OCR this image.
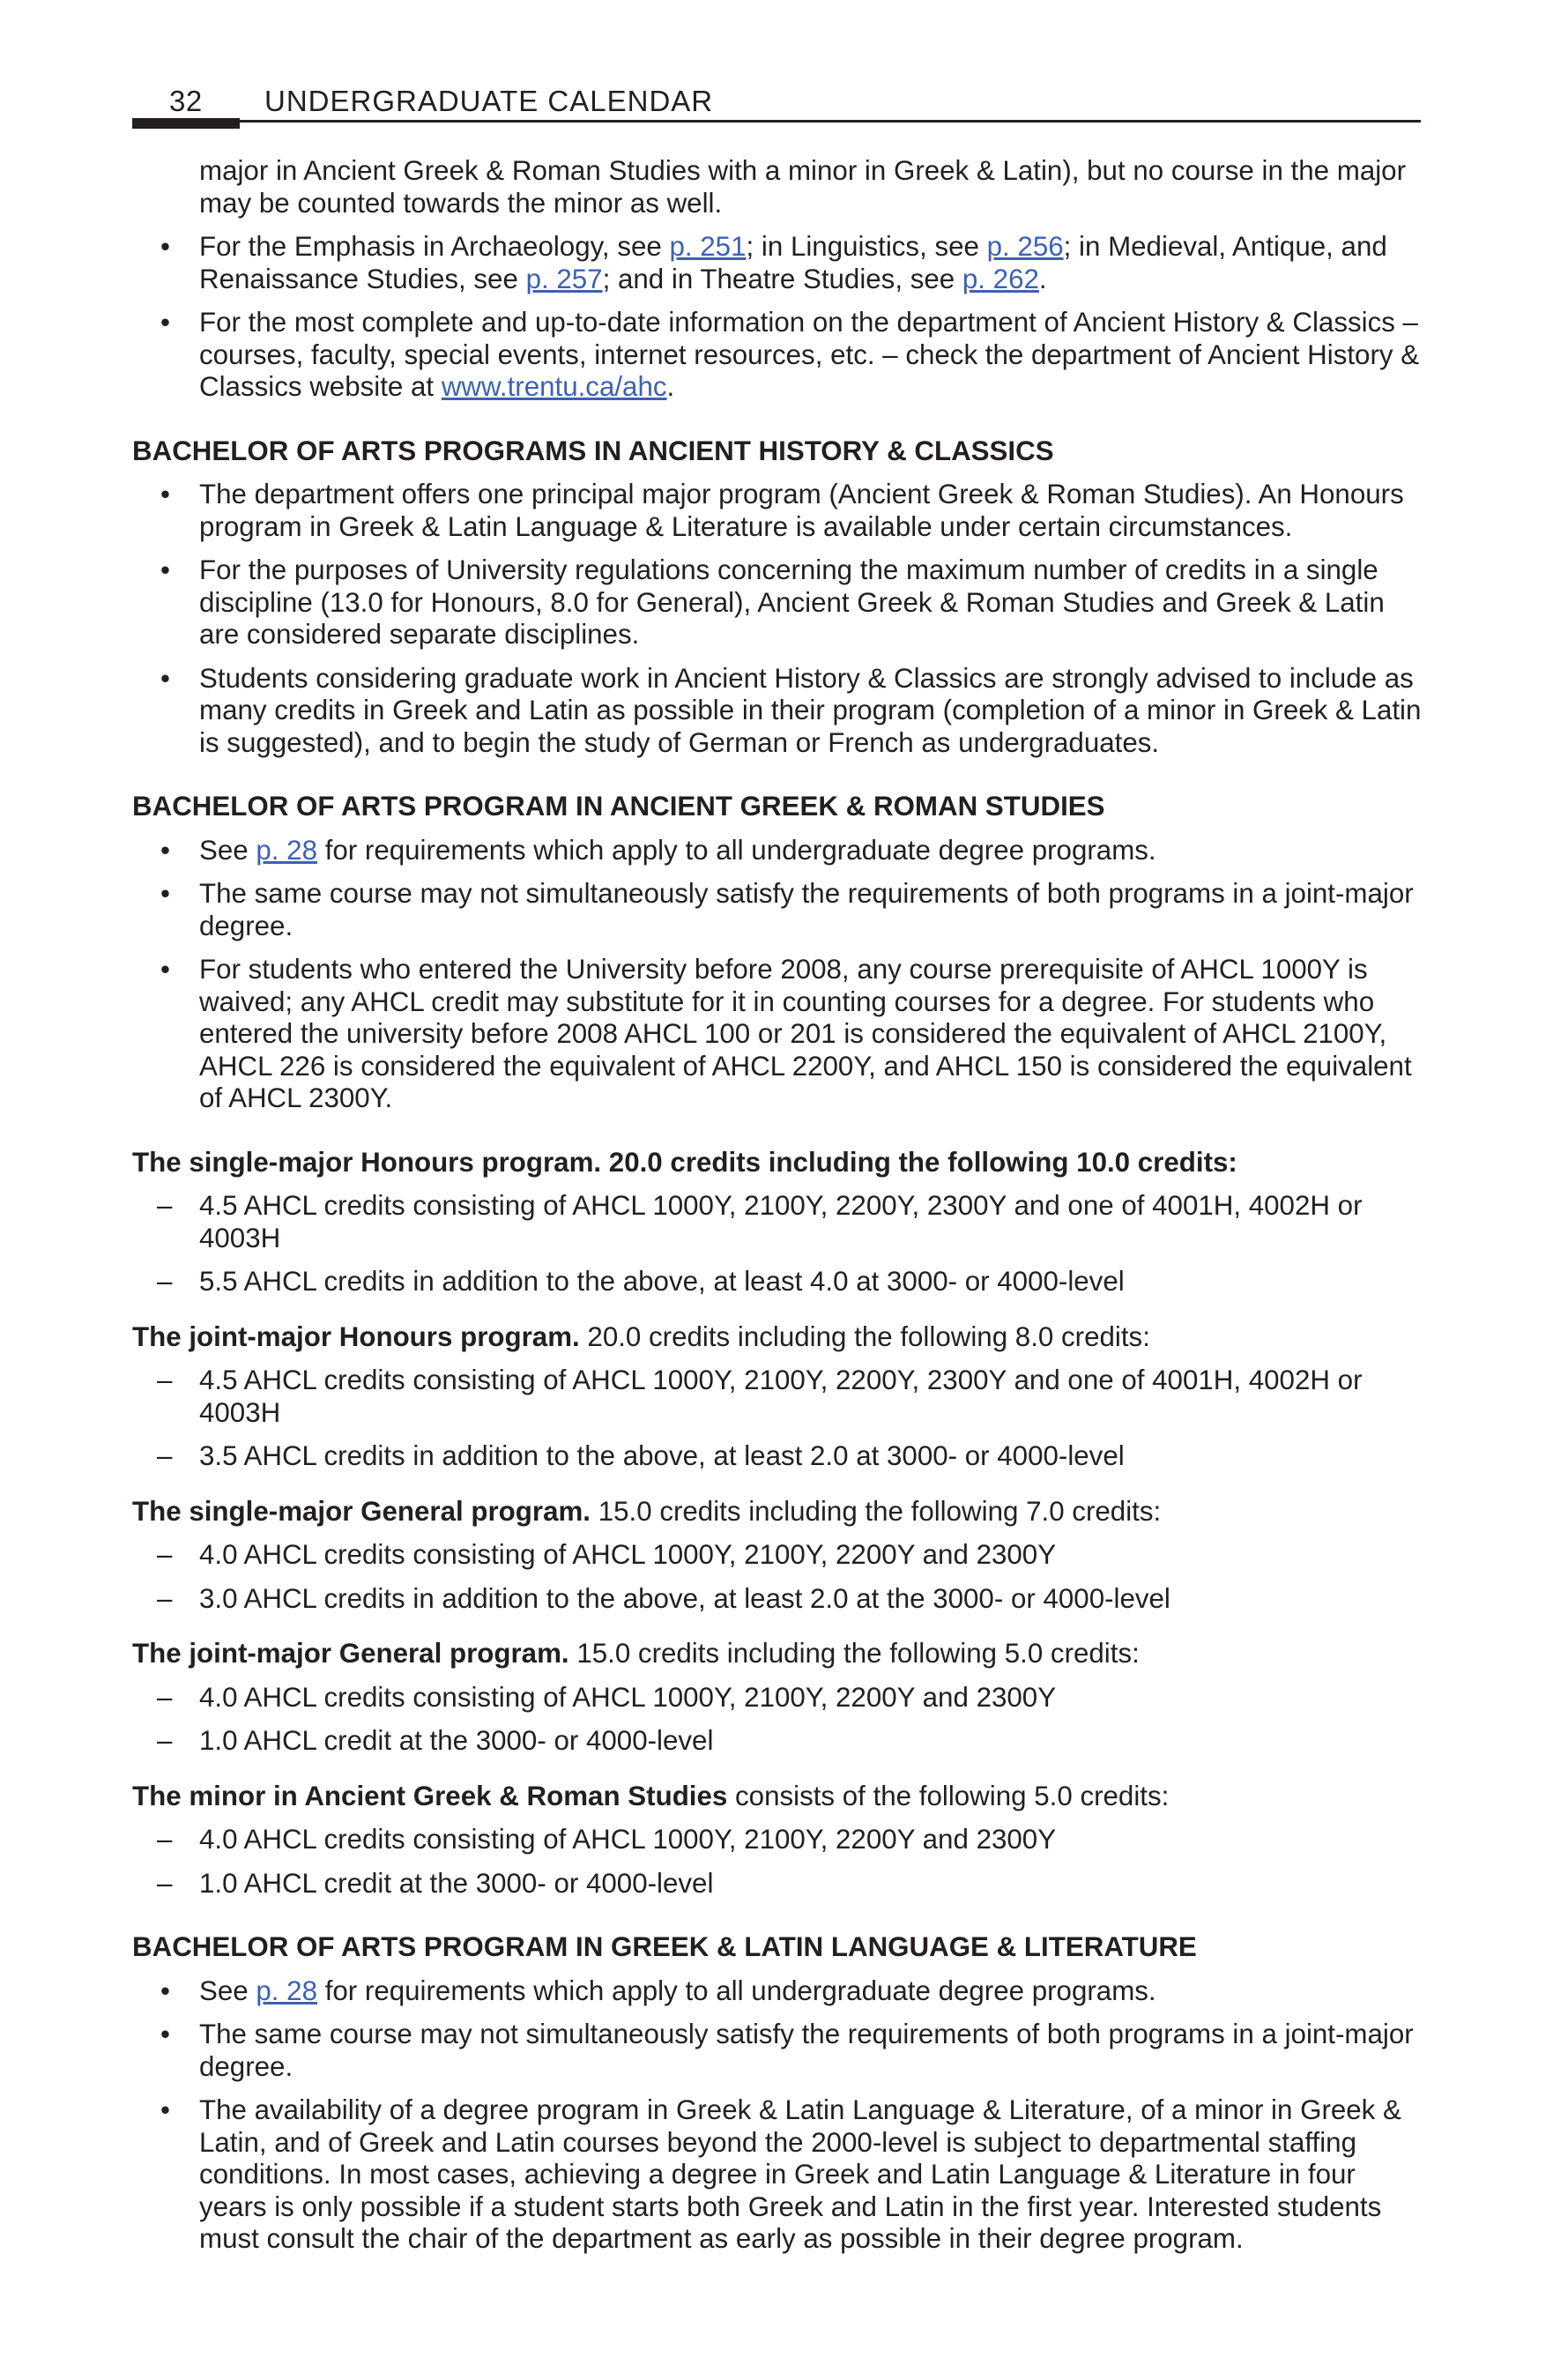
32 UNDERGRADUATE CALENDAR

major in Ancient Greek & Roman Studies with a minor in Greek & Latin), but no course in the major may be counted towards the minor as well.

• For the Emphasis in Archaeology, see p. 251; in Linguistics, see p. 256; in Medieval, Antique, and Renaissance Studies, see p. 257; and in Theatre Studies, see p. 262.
• For the most complete and up-to-date information on the department of Ancient History & Classics – courses, faculty, special events, internet resources, etc. – check the department of Ancient History & Classics website at www.trentu.ca/ahc.

BACHELOR OF ARTS PROGRAMS IN ANCIENT HISTORY & CLASSICS

• The department offers one principal major program (Ancient Greek & Roman Studies). An Honours program in Greek & Latin Language & Literature is available under certain circumstances.
• For the purposes of University regulations concerning the maximum number of credits in a single discipline (13.0 for Honours, 8.0 for General), Ancient Greek & Roman Studies and Greek & Latin are considered separate disciplines.
• Students considering graduate work in Ancient History & Classics are strongly advised to include as many credits in Greek and Latin as possible in their program (completion of a minor in Greek & Latin is suggested), and to begin the study of German or French as undergraduates.

BACHELOR OF ARTS PROGRAM IN ANCIENT GREEK & ROMAN STUDIES

• See p. 28 for requirements which apply to all undergraduate degree programs.
• The same course may not simultaneously satisfy the requirements of both programs in a joint-major degree.
• For students who entered the University before 2008, any course prerequisite of AHCL 1000Y is waived; any AHCL credit may substitute for it in counting courses for a degree. For students who entered the university before 2008 AHCL 100 or 201 is considered the equivalent of AHCL 2100Y, AHCL 226 is considered the equivalent of AHCL 2200Y, and AHCL 150 is considered the equivalent of AHCL 2300Y.

The single-major Honours program. 20.0 credits including the following 10.0 credits:

– 4.5 AHCL credits consisting of AHCL 1000Y, 2100Y, 2200Y, 2300Y and one of 4001H, 4002H or 4003H
– 5.5 AHCL credits in addition to the above, at least 4.0 at 3000- or 4000-level

The joint-major Honours program. 20.0 credits including the following 8.0 credits:

– 4.5 AHCL credits consisting of AHCL 1000Y, 2100Y, 2200Y, 2300Y and one of 4001H, 4002H or 4003H
– 3.5 AHCL credits in addition to the above, at least 2.0 at 3000- or 4000-level

The single-major General program. 15.0 credits including the following 7.0 credits:

– 4.0 AHCL credits consisting of AHCL 1000Y, 2100Y, 2200Y and 2300Y
– 3.0 AHCL credits in addition to the above, at least 2.0 at the 3000- or 4000-level

The joint-major General program. 15.0 credits including the following 5.0 credits:

– 4.0 AHCL credits consisting of AHCL 1000Y, 2100Y, 2200Y and 2300Y
– 1.0 AHCL credit at the 3000- or 4000-level

The minor in Ancient Greek & Roman Studies consists of the following 5.0 credits:

– 4.0 AHCL credits consisting of AHCL 1000Y, 2100Y, 2200Y and 2300Y
– 1.0 AHCL credit at the 3000- or 4000-level

BACHELOR OF ARTS PROGRAM IN GREEK & LATIN LANGUAGE & LITERATURE

• See p. 28 for requirements which apply to all undergraduate degree programs.
• The same course may not simultaneously satisfy the requirements of both programs in a joint-major degree.
• The availability of a degree program in Greek & Latin Language & Literature, of a minor in Greek & Latin, and of Greek and Latin courses beyond the 2000-level is subject to departmental staffing conditions. In most cases, achieving a degree in Greek and Latin Language & Literature in four years is only possible if a student starts both Greek and Latin in the first year. Interested students must consult the chair of the department as early as possible in their degree program.
